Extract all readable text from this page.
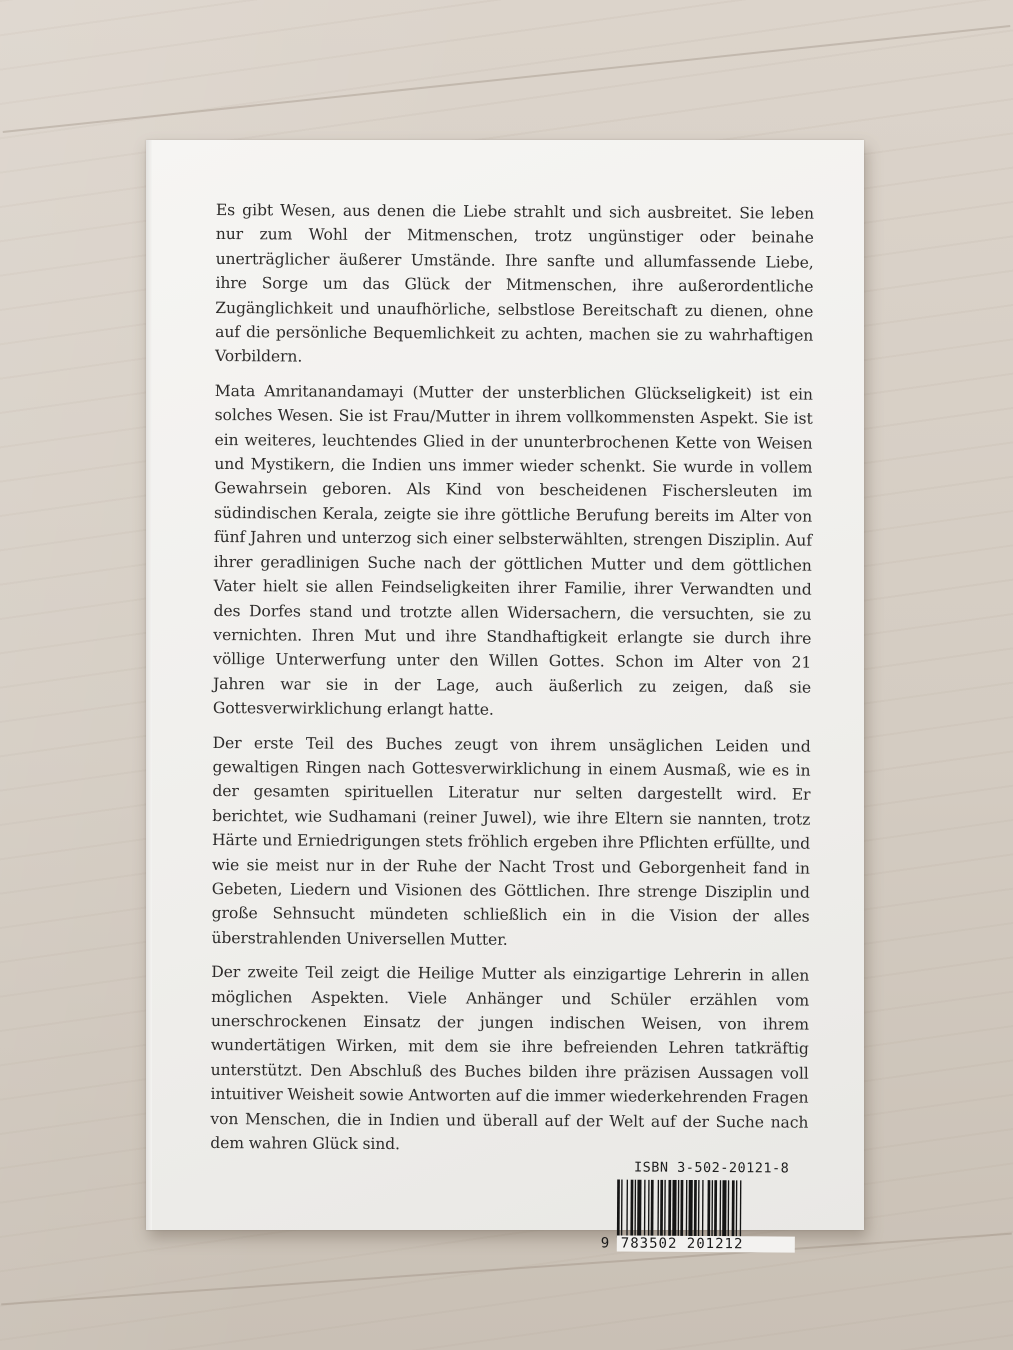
Es gibt Wesen, aus denen die Liebe strahlt und sich ausbreitet. Sie leben nur zum Wohl der Mitmenschen, trotz ungünstiger oder beinahe unerträglicher äußerer Umstände. Ihre sanfte und allumfassende Liebe, ihre Sorge um das Glück der Mitmenschen, ihre außerordentliche Zugänglichkeit und unaufhörliche, selbstlose Bereitschaft zu dienen, ohne auf die persönliche Bequemlichkeit zu achten, machen sie zu wahrhaftigen Vorbildern.

Mata Amritanandamayi (Mutter der unsterblichen Glückseligkeit) ist ein solches Wesen. Sie ist Frau/Mutter in ihrem vollkommensten Aspekt. Sie ist ein weiteres, leuchtendes Glied in der ununterbrochenen Kette von Weisen und Mystikern, die Indien uns immer wieder schenkt. Sie wurde in vollem Gewahrsein geboren. Als Kind von bescheidenen Fischersleuten im südindischen Kerala, zeigte sie ihre göttliche Berufung bereits im Alter von fünf Jahren und unterzog sich einer selbsterwählten, strengen Disziplin. Auf ihrer geradlinigen Suche nach der göttlichen Mutter und dem göttlichen Vater hielt sie allen Feindseligkeiten ihrer Familie, ihrer Verwandten und des Dorfes stand und trotzte allen Widersachern, die versuchten, sie zu vernichten. Ihren Mut und ihre Standhaftigkeit erlangte sie durch ihre völlige Unterwerfung unter den Willen Gottes. Schon im Alter von 21 Jahren war sie in der Lage, auch äußerlich zu zeigen, daß sie Gottesverwirklichung erlangt hatte.

Der erste Teil des Buches zeugt von ihrem unsäglichen Leiden und gewaltigen Ringen nach Gottesverwirklichung in einem Ausmaß, wie es in der gesamten spirituellen Literatur nur selten dargestellt wird. Er berichtet, wie Sudhamani (reiner Juwel), wie ihre Eltern sie nannten, trotz Härte und Erniedrigungen stets fröhlich ergeben ihre Pflichten erfüllte, und wie sie meist nur in der Ruhe der Nacht Trost und Geborgenheit fand in Gebeten, Liedern und Visionen des Göttlichen. Ihre strenge Disziplin und große Sehnsucht mündeten schließlich ein in die Vision der alles überstrahlenden Universellen Mutter.

Der zweite Teil zeigt die Heilige Mutter als einzigartige Lehrerin in allen möglichen Aspekten. Viele Anhänger und Schüler erzählen vom unerschrockenen Einsatz der jungen indischen Weisen, von ihrem wundertätigen Wirken, mit dem sie ihre befreienden Lehren tatkräftig unterstützt. Den Abschluß des Buches bilden ihre präzisen Aussagen voll intuitiver Weisheit sowie Antworten auf die immer wiederkehrenden Fragen von Menschen, die in Indien und überall auf der Welt auf der Suche nach dem wahren Glück sind.

ISBN 3-502-20121-8
9 783502 201212
